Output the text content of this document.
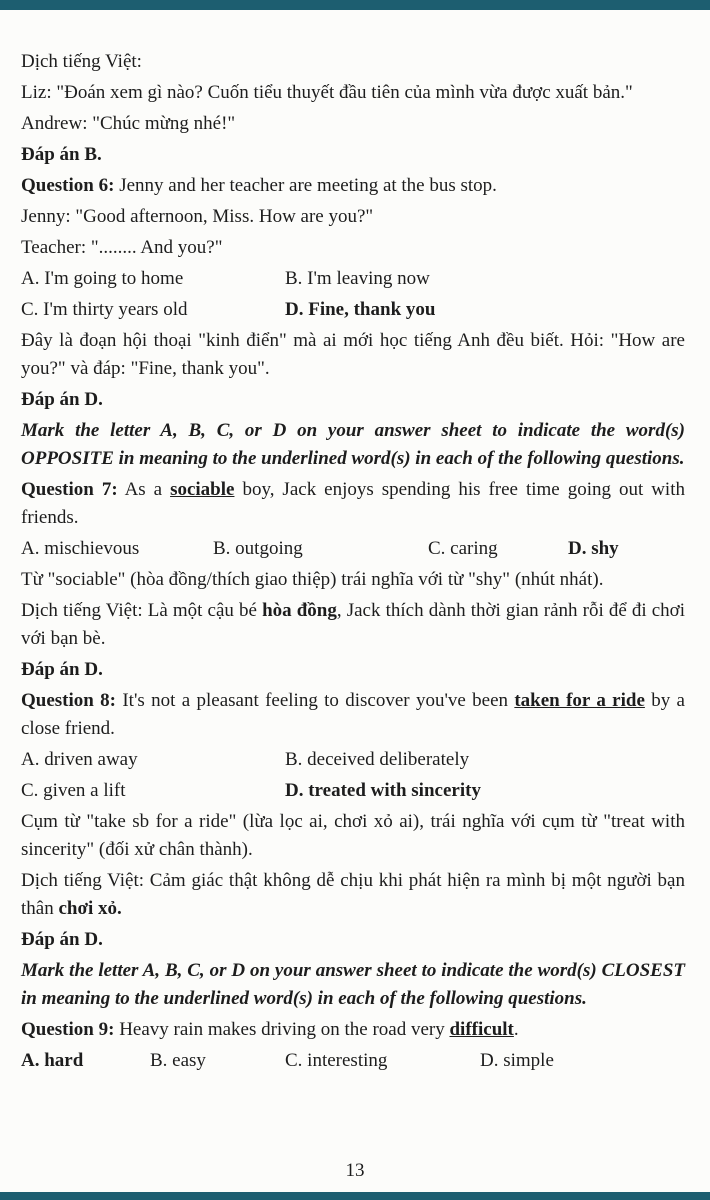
Dịch tiếng Việt:

Liz: "Đoán xem gì nào? Cuốn tiểu thuyết đầu tiên của mình vừa được xuất bản."

Andrew: "Chúc mừng nhé!"

Đáp án B.

Question 6: Jenny and her teacher are meeting at the bus stop.

Jenny: "Good afternoon, Miss. How are you?"

Teacher: "........ And you?"

A. I'm going to home	B. I'm leaving now
C. I'm thirty years old	D. Fine, thank you

Đây là đoạn hội thoại "kinh điển" mà ai mới học tiếng Anh đều biết. Hỏi: "How are you?" và đáp: "Fine, thank you".

Đáp án D.

Mark the letter A, B, C, or D on your answer sheet to indicate the word(s) OPPOSITE in meaning to the underlined word(s) in each of the following questions.

Question 7: As a sociable boy, Jack enjoys spending his free time going out with friends.

A. mischievous	B. outgoing	C. caring	D. shy

Từ "sociable" (hòa đồng/thích giao thiệp) trái nghĩa với từ "shy" (nhút nhát).

Dịch tiếng Việt: Là một cậu bé hòa đồng, Jack thích dành thời gian rảnh rỗi để đi chơi với bạn bè.

Đáp án D.

Question 8: It's not a pleasant feeling to discover you've been taken for a ride by a close friend.

A. driven away	B. deceived deliberately
C. given a lift	D. treated with sincerity

Cụm từ "take sb for a ride" (lừa lọc ai, chơi xỏ ai), trái nghĩa với cụm từ "treat with sincerity" (đối xử chân thành).

Dịch tiếng Việt: Cảm giác thật không dễ chịu khi phát hiện ra mình bị một người bạn thân chơi xỏ.

Đáp án D.

Mark the letter A, B, C, or D on your answer sheet to indicate the word(s) CLOSEST in meaning to the underlined word(s) in each of the following questions.

Question 9: Heavy rain makes driving on the road very difficult.

A. hard	B. easy	C. interesting	D. simple
13
